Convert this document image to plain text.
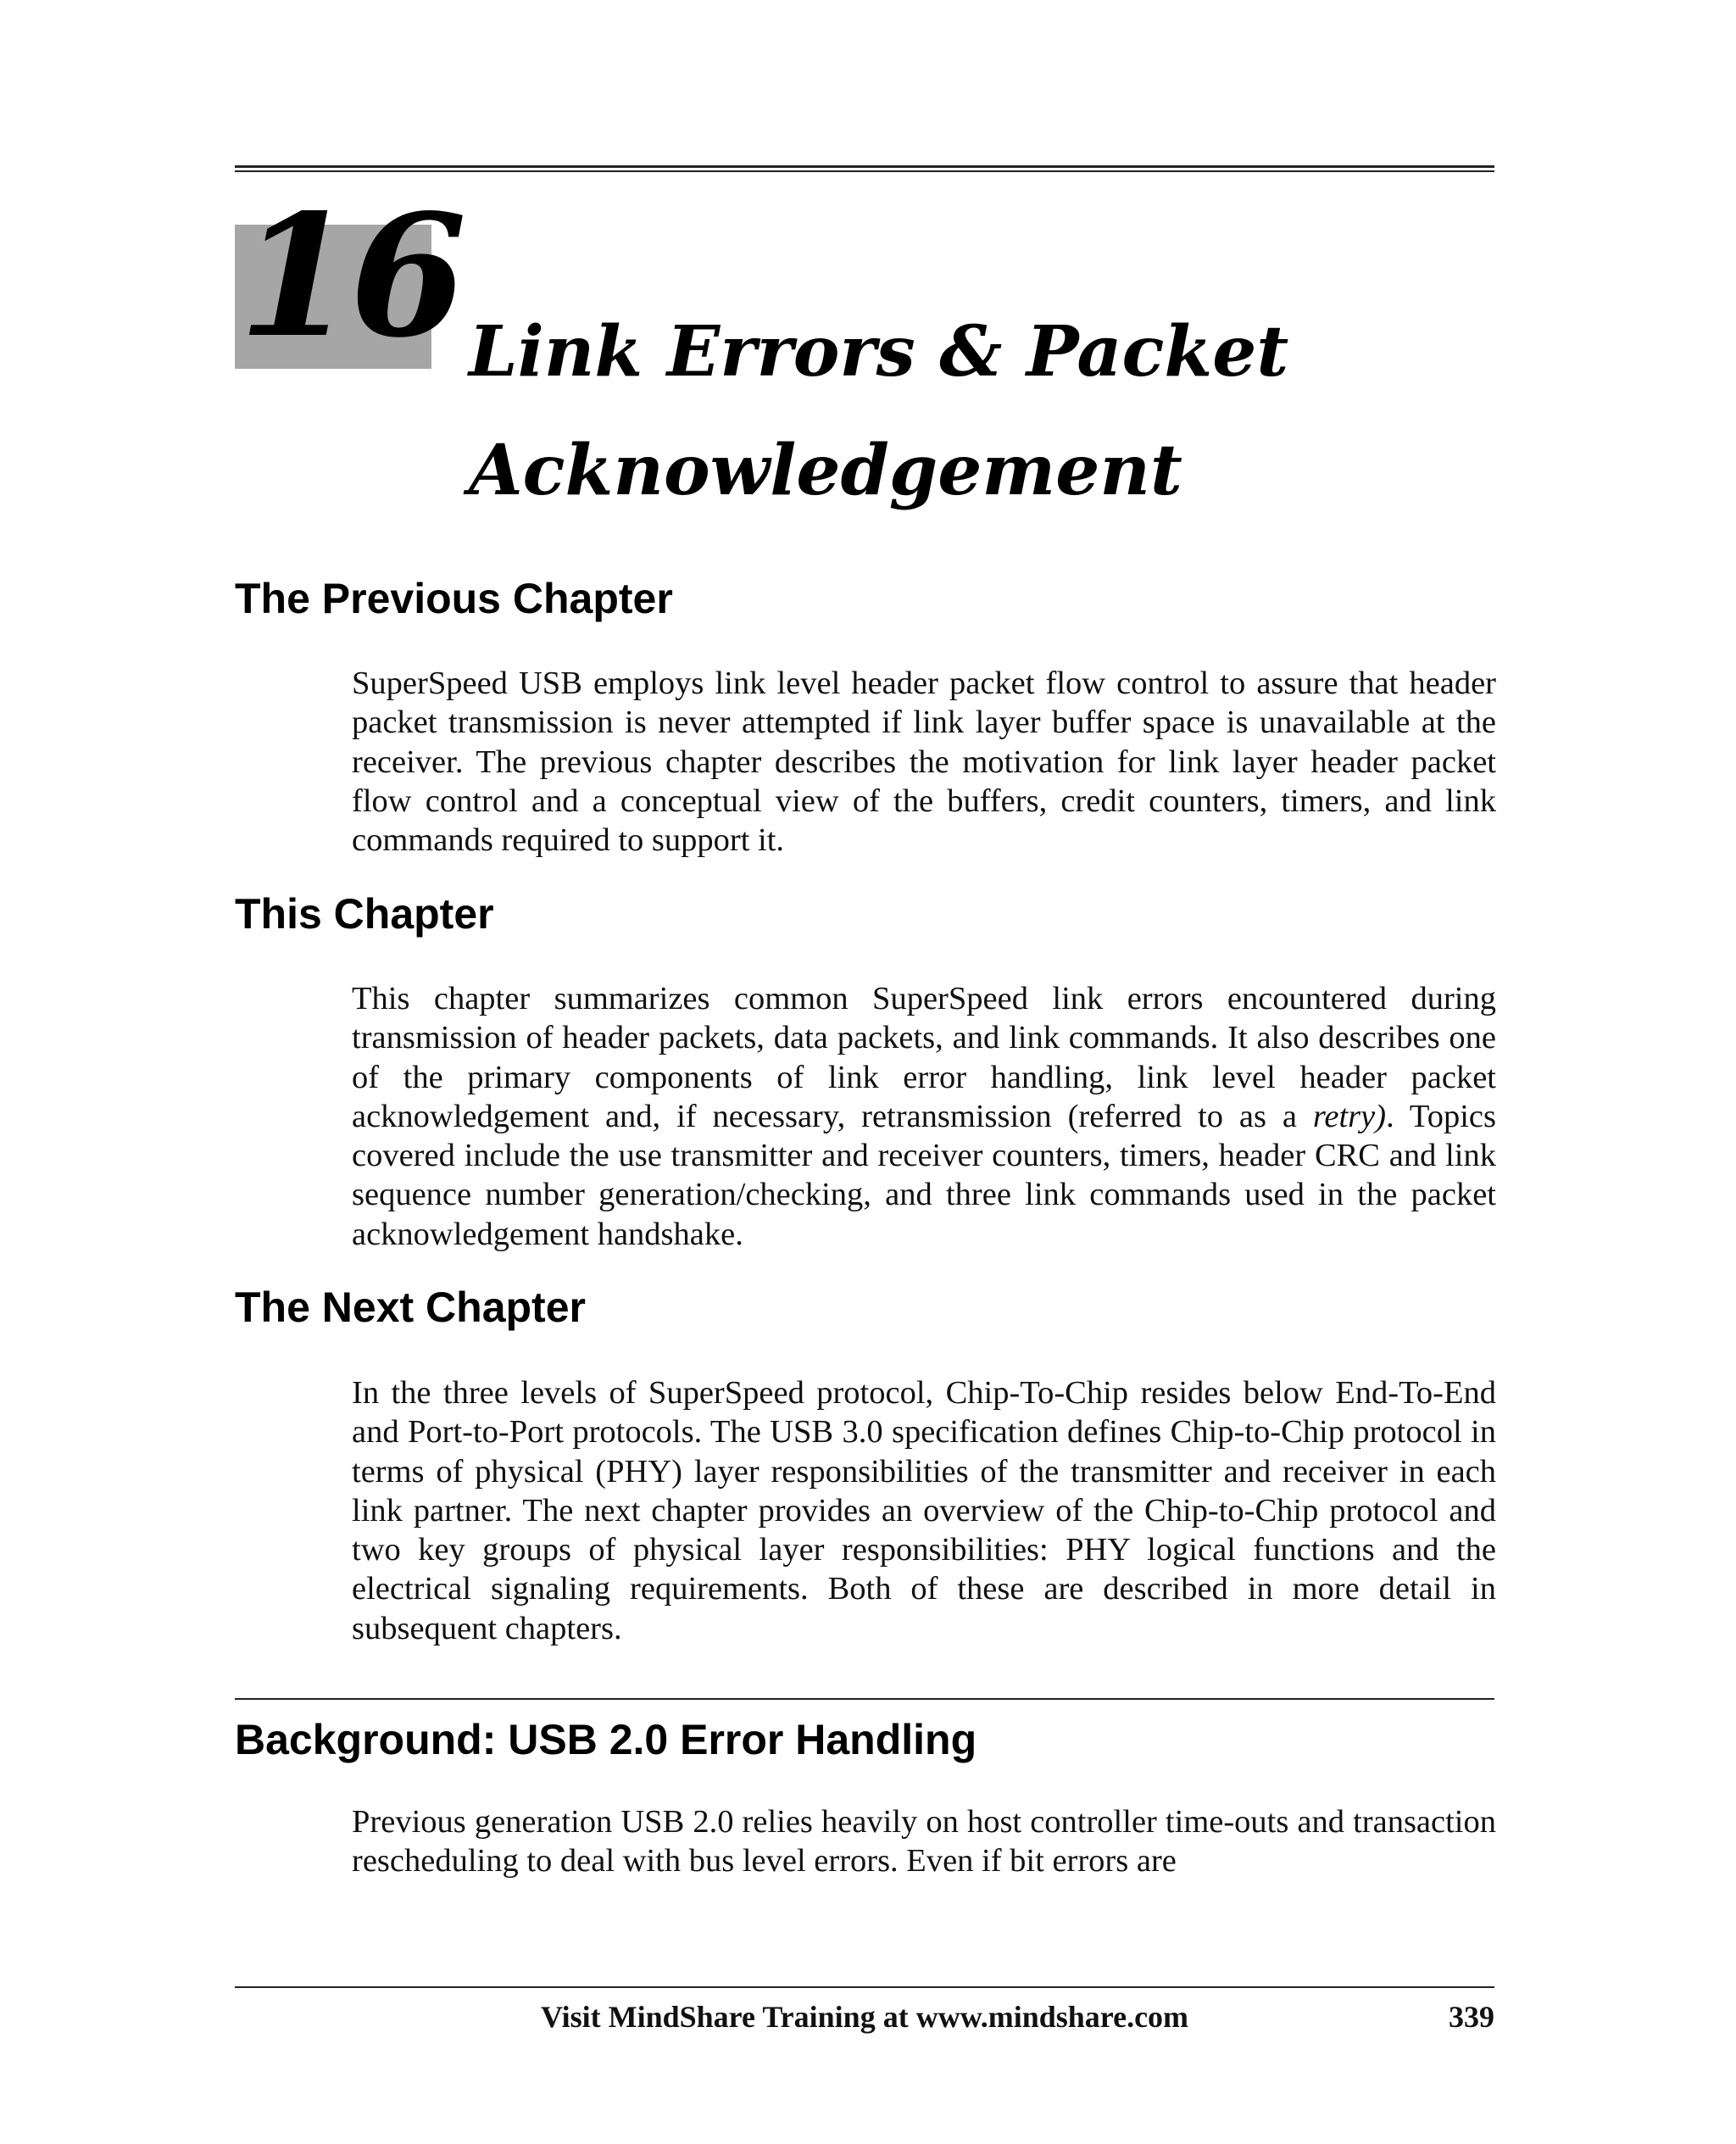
16 Link Errors & Packet
Acknowledgement
The Previous Chapter

SuperSpeed USB employs link level header packet flow control to assure that header packet transmission is never attempted if link layer buffer space is unavailable at the receiver. The previous chapter describes the motivation for link layer header packet flow control and a conceptual view of the buffers, credit counters, timers, and link commands required to support it.

This Chapter

This chapter summarizes common SuperSpeed link errors encountered during transmission of header packets, data packets, and link commands. It also describes one of the primary components of link error handling, link level header packet acknowledgement and, if necessary, retransmission (referred to as a retry). Topics covered include the use transmitter and receiver counters, timers, header CRC and link sequence number generation/checking, and three link commands used in the packet acknowledgement handshake.

The Next Chapter

In the three levels of SuperSpeed protocol, Chip-To-Chip resides below End-To-End and Port-to-Port protocols. The USB 3.0 specification defines Chip-to-Chip protocol in terms of physical (PHY) layer responsibilities of the transmitter and receiver in each link partner. The next chapter provides an overview of the Chip-to-Chip protocol and two key groups of physical layer responsibilities: PHY logical functions and the electrical signaling requirements. Both of these are described in more detail in subsequent chapters.

Background: USB 2.0 Error Handling

Previous generation USB 2.0 relies heavily on host controller time-outs and transaction rescheduling to deal with bus level errors. Even if bit errors are

Visit MindShare Training at www.mindshare.com	339
